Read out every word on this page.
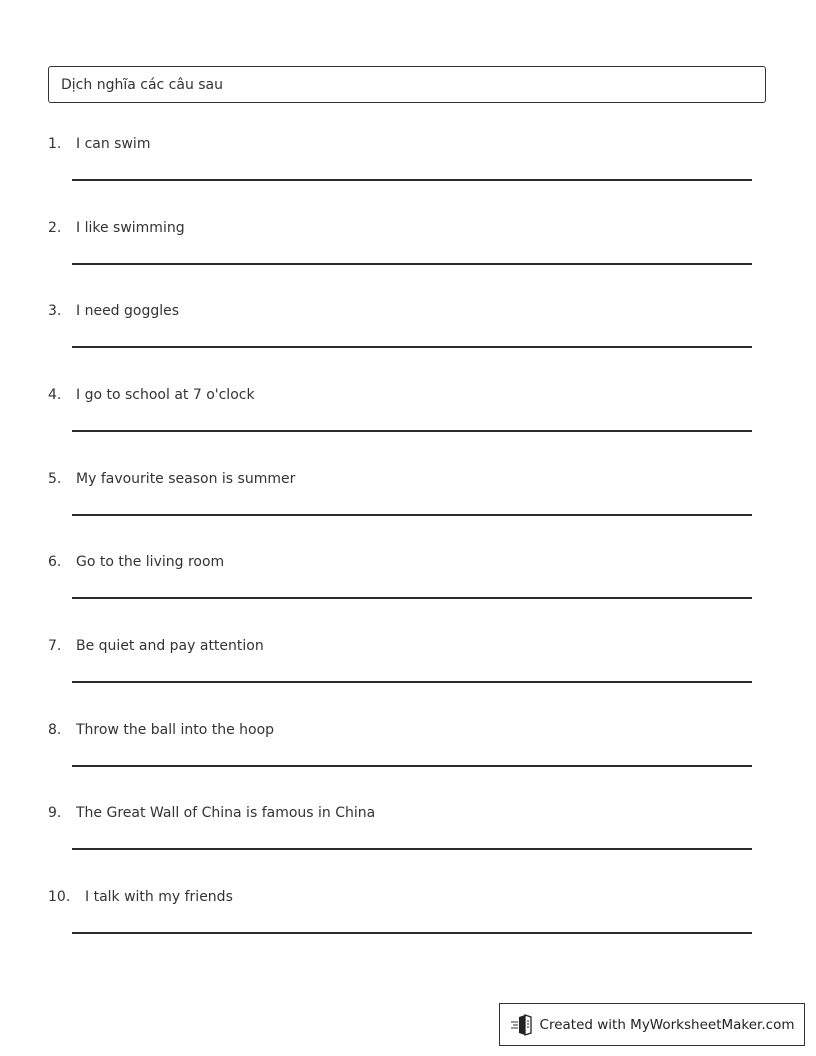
Dịch nghĩa các câu sau
1. I can swim
2. I like swimming
3. I need goggles
4. I go to school at 7 o'clock
5. My favourite season is summer
6. Go to the living room
7. Be quiet and pay attention
8. Throw the ball into the hoop
9. The Great Wall of China is famous in China
10. I talk with my friends
Created with MyWorksheetMaker.com
